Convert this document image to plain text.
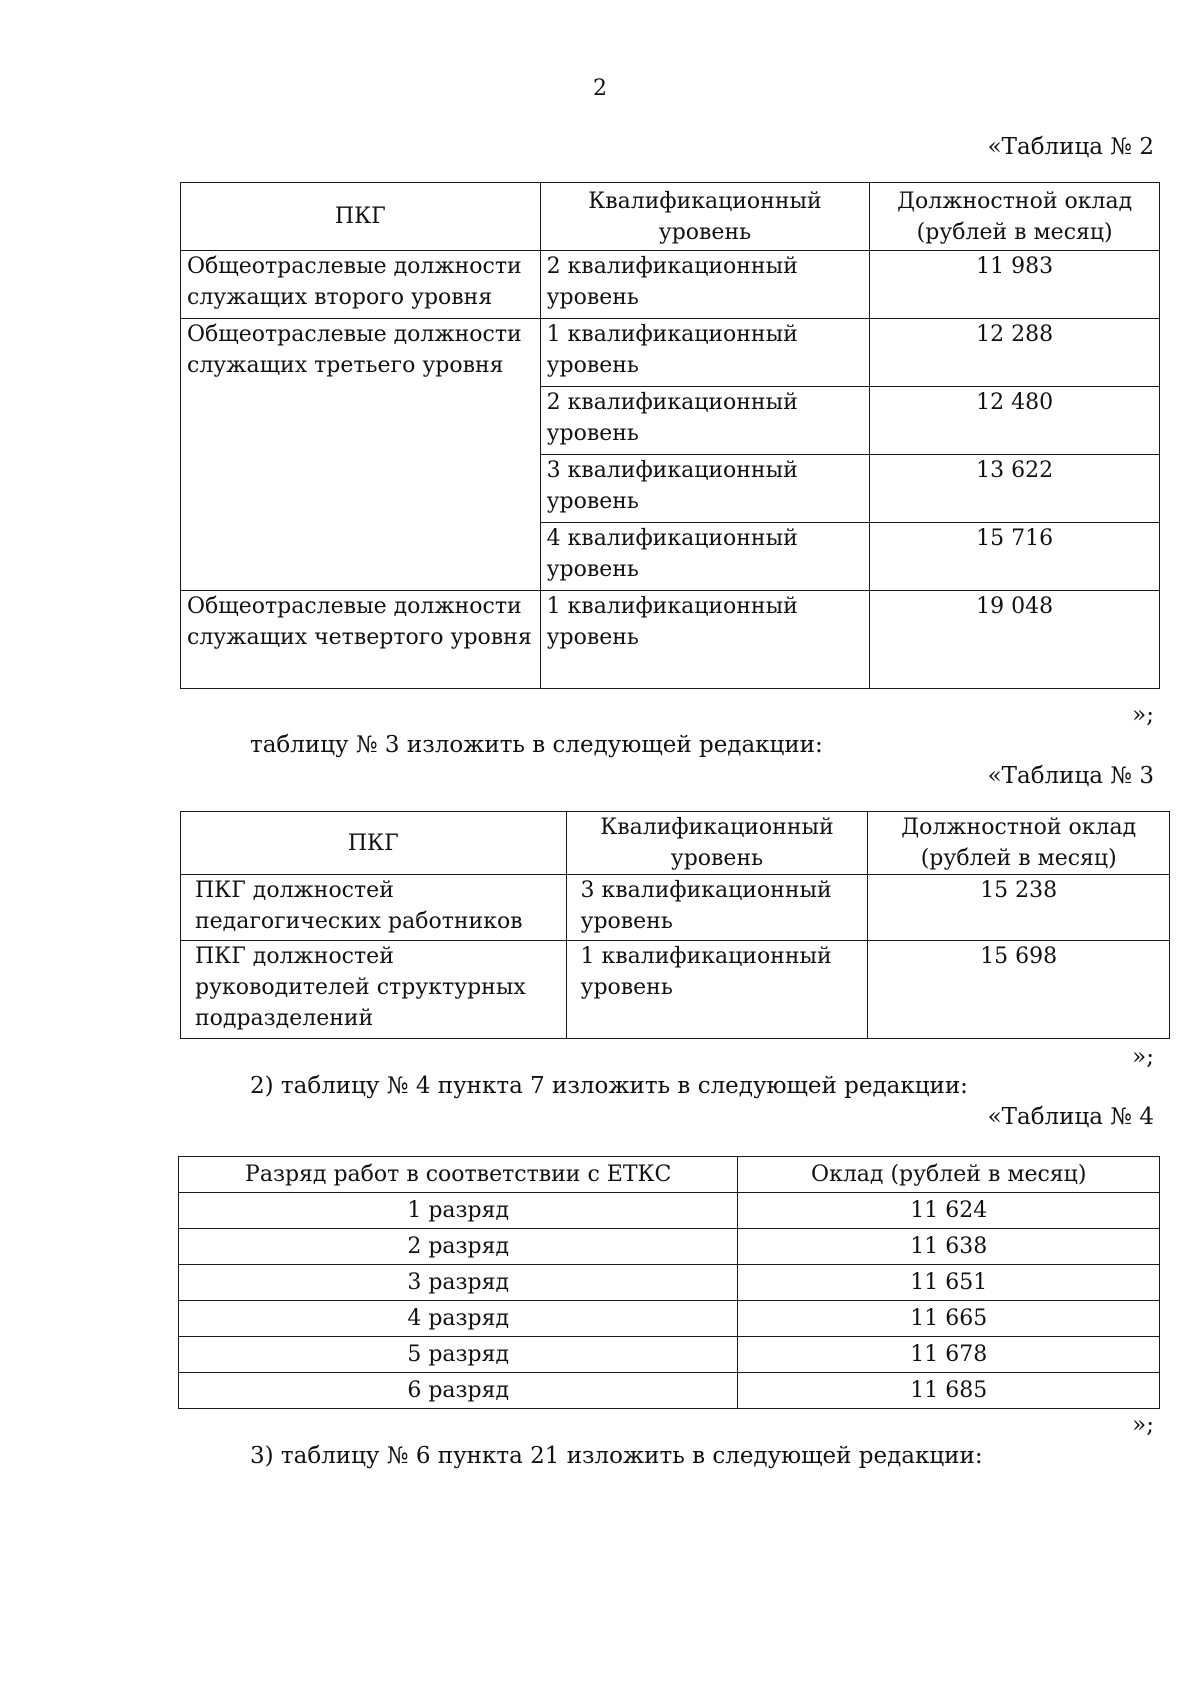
2
«Таблица № 2
ПКГ	Квалификационный уровень	Должностной оклад (рублей в месяц)
Общеотраслевые должности служащих второго уровня	2 квалификационный уровень	11 983
Общеотраслевые должности служащих третьего уровня	1 квалификационный уровень	12 288
	2 квалификационный уровень	12 480
	3 квалификационный уровень	13 622
	4 квалификационный уровень	15 716
Общеотраслевые должности служащих четвертого уровня	1 квалификационный уровень	19 048
»;
таблицу № 3 изложить в следующей редакции:
«Таблица № 3
ПКГ	Квалификационный уровень	Должностной оклад (рублей в месяц)
ПКГ должностей педагогических работников	3 квалификационный уровень	15 238
ПКГ должностей руководителей структурных подразделений	1 квалификационный уровень	15 698
»;
2) таблицу № 4 пункта 7 изложить в следующей редакции:
«Таблица № 4
Разряд работ в соответствии с ЕТКС	Оклад (рублей в месяц)
1 разряд	11 624
2 разряд	11 638
3 разряд	11 651
4 разряд	11 665
5 разряд	11 678
6 разряд	11 685
»;
3) таблицу № 6 пункта 21 изложить в следующей редакции:
